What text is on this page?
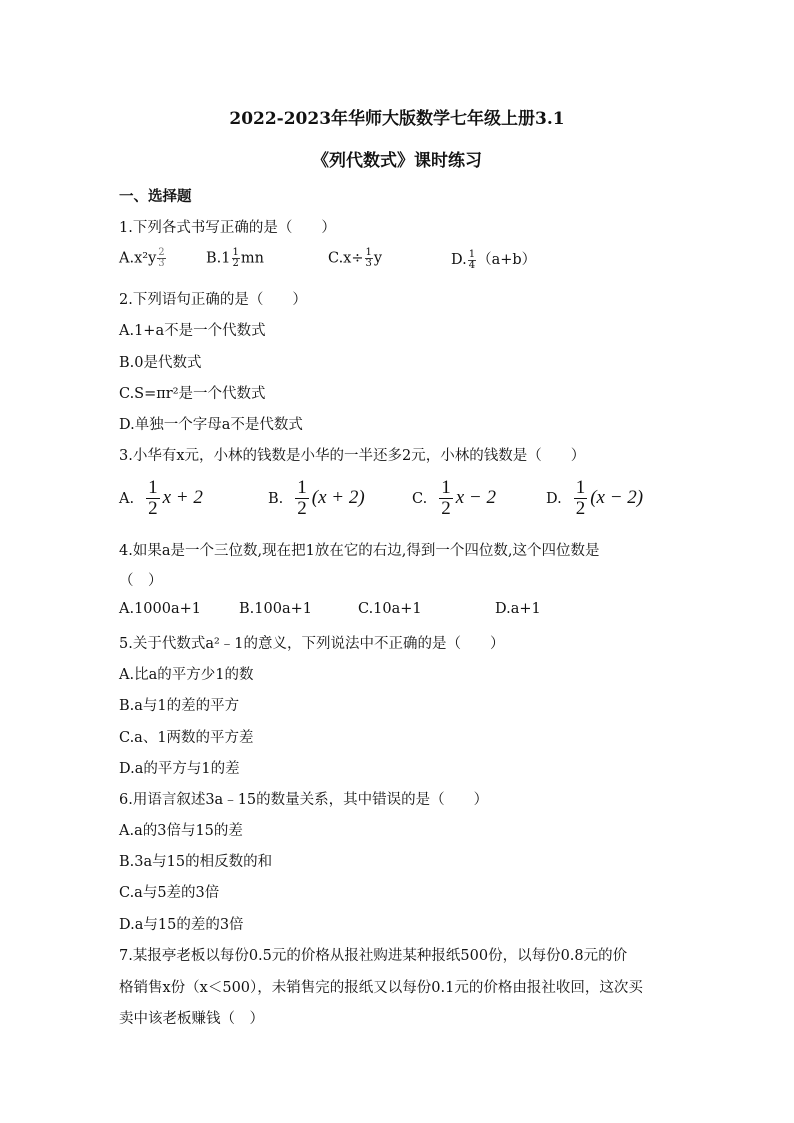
2022-2023年华师大版数学七年级上册3.1
《列代数式》课时练习
一、选择题
1.下列各式书写正确的是（　　）
$A.x^2y \frac{2}{3}$	$B.1 \frac{1}{2}$ mn	$C.x\div \frac{1}{3}$ y	D. $\frac{1}{4} (a+b)$
2.下列语句正确的是（　　）
A.1+a不是一个代数式
B.0是代数式
C.S=πr²是一个代数式
D.单独一个字母a不是代数式
3.小华有x元，小林的钱数是小华的一半还多2元，小林的钱数是（　　）
A. $\frac{1}{2}$ x + 2	B. $\frac{1}{2} (x + 2)$	C. $\frac{1}{2}$ x − 2	D. $\frac{1}{2} (x - 2)$
4.如果a是一个三位数,现在把1放在它的右边,得到一个四位数,这个四位数是
（　）
A.1000a+1	B.100a+1	C.10a+1	D.a+1
5.关于代数式a²﹣1的意义，下列说法中不正确的是（　　）
A.比a的平方少1的数
B.a与1的差的平方
C.a、1两数的平方差
D.a的平方与1的差
6.用语言叙述3a﹣15的数量关系，其中错误的是（　　）
A.a的3倍与15的差
B.3a与15的相反数的和
C.a与5差的3倍
D.a与15的差的3倍
7.某报亭老板以每份0.5元的价格从报社购进某种报纸500份，以每份0.8元的价
格销售x份（x＜500），未销售完的报纸又以每份0.1元的价格由报社收回，这次买
卖中该老板赚钱（　）
